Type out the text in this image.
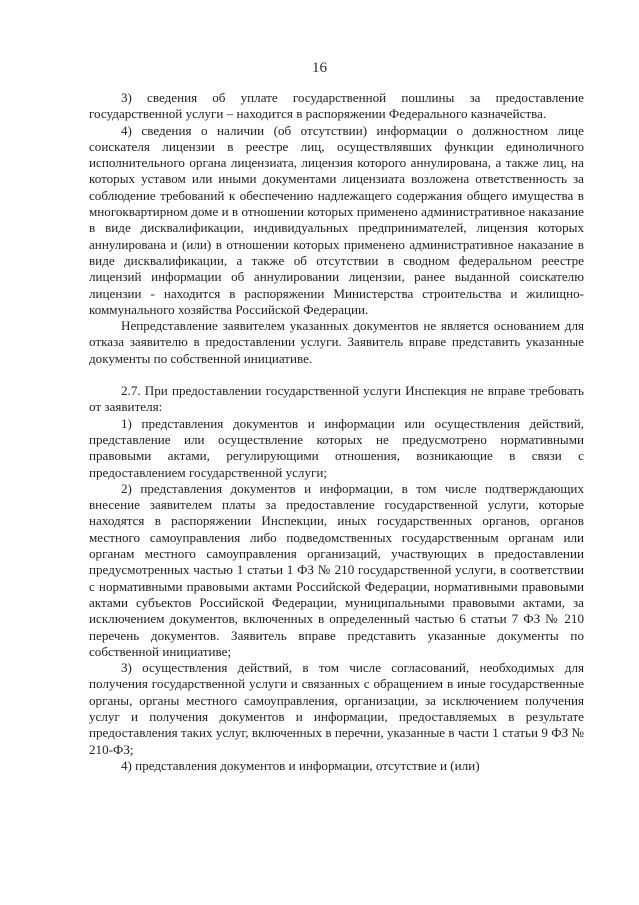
16

3) сведения об уплате государственной пошлины за предоставление государственной услуги – находится в распоряжении Федерального казначейства.

4) сведения о наличии (об отсутствии) информации о должностном лице соискателя лицензии в реестре лиц, осуществлявших функции единоличного исполнительного органа лицензиата, лицензия которого аннулирована, а также лиц, на которых уставом или иными документами лицензиата возложена ответственность за соблюдение требований к обеспечению надлежащего содержания общего имущества в многоквартирном доме и в отношении которых применено административное наказание в виде дисквалификации, индивидуальных предпринимателей, лицензия которых аннулирована и (или) в отношении которых применено административное наказание в виде дисквалификации, а также об отсутствии в сводном федеральном реестре лицензий информации об аннулировании лицензии, ранее выданной соискателю лицензии - находится в распоряжении Министерства строительства и жилищно-коммунального хозяйства Российской Федерации.

Непредставление заявителем указанных документов не является основанием для отказа заявителю в предоставлении услуги. Заявитель вправе представить указанные документы по собственной инициативе.

2.7. При предоставлении государственной услуги Инспекция не вправе требовать от заявителя:

1) представления документов и информации или осуществления действий, представление или осуществление которых не предусмотрено нормативными правовыми актами, регулирующими отношения, возникающие в связи с предоставлением государственной услуги;

2) представления документов и информации, в том числе подтверждающих внесение заявителем платы за предоставление государственной услуги, которые находятся в распоряжении Инспекции, иных государственных органов, органов местного самоуправления либо подведомственных государственным органам или органам местного самоуправления организаций, участвующих в предоставлении предусмотренных частью 1 статьи 1 ФЗ № 210 государственной услуги, в соответствии с нормативными правовыми актами Российской Федерации, нормативными правовыми актами субъектов Российской Федерации, муниципальными правовыми актами, за исключением документов, включенных в определенный частью 6 статьи 7 ФЗ № 210 перечень документов. Заявитель вправе представить указанные документы по собственной инициативе;

3) осуществления действий, в том числе согласований, необходимых для получения государственной услуги и связанных с обращением в иные государственные органы, органы местного самоуправления, организации, за исключением получения услуг и получения документов и информации, предоставляемых в результате предоставления таких услуг, включенных в перечни, указанные в части 1 статьи 9 ФЗ № 210-ФЗ;

4) представления документов и информации, отсутствие и (или)
